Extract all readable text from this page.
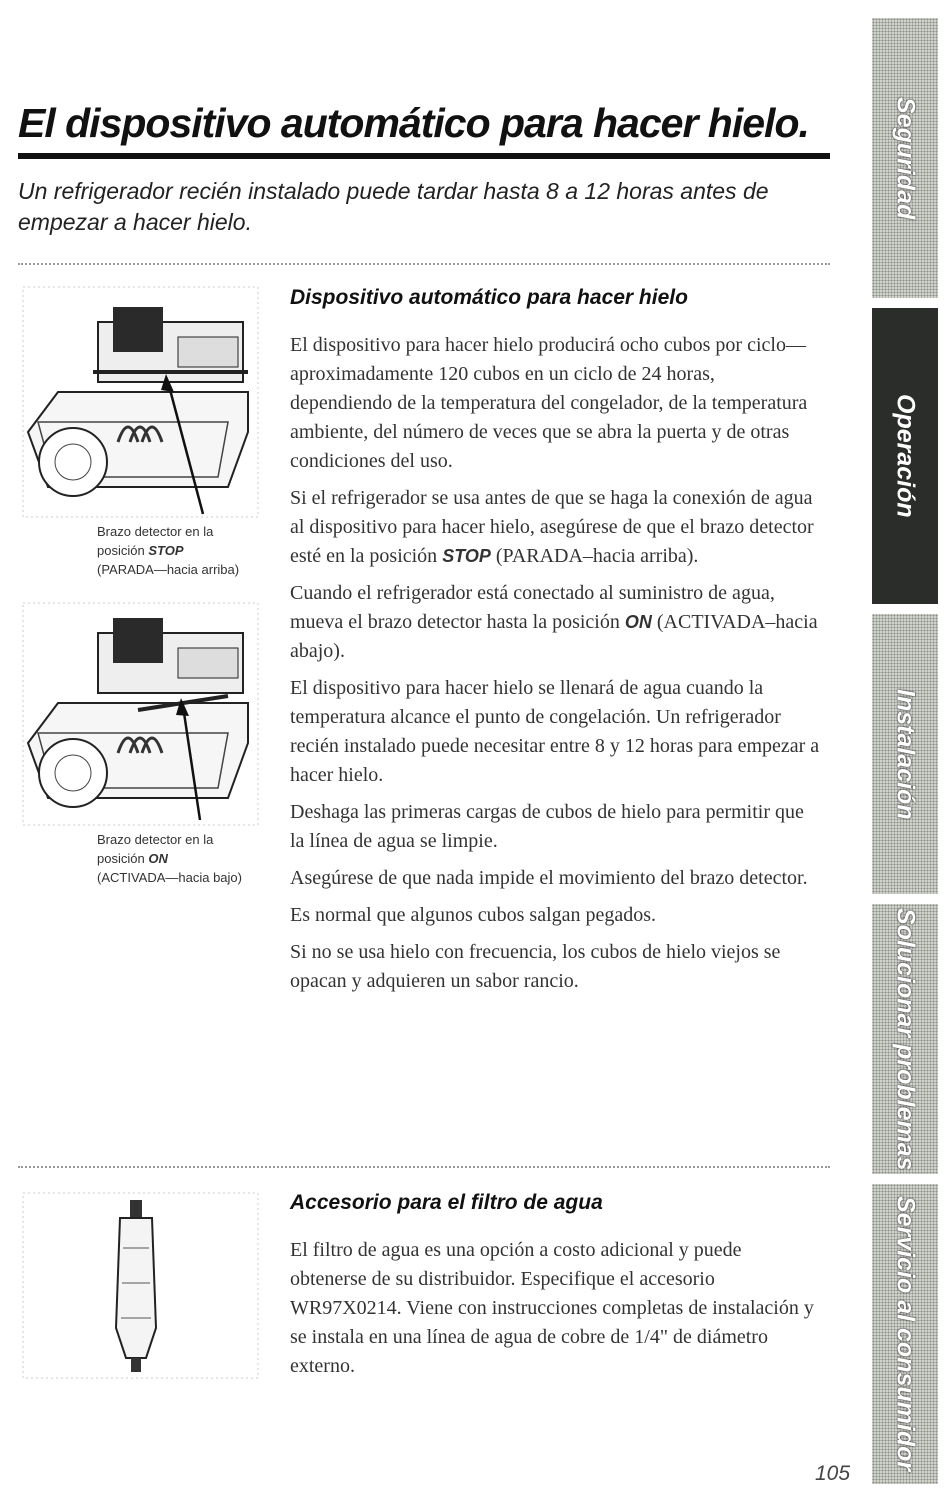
El dispositivo automático para hacer hielo.
Un refrigerador recién instalado puede tardar hasta 8 a 12 horas antes de empezar a hacer hielo.
Brazo detector en la
posición STOP
(PARADA—hacia arriba)
Brazo detector en la
posición ON
(ACTIVADA—hacia bajo)
Dispositivo automático para hacer hielo

El dispositivo para hacer hielo producirá ocho cubos por ciclo—aproximadamente 120 cubos en un ciclo de 24 horas, dependiendo de la temperatura del congelador, de la temperatura ambiente, del número de veces que se abra la puerta y de otras condiciones del uso.

Si el refrigerador se usa antes de que se haga la conexión de agua al dispositivo para hacer hielo, asegúrese de que el brazo detector esté en la posición STOP (PARADA–hacia arriba).

Cuando el refrigerador está conectado al suministro de agua, mueva el brazo detector hasta la posición ON (ACTIVADA–hacia abajo).

El dispositivo para hacer hielo se llenará de agua cuando la temperatura alcance el punto de congelación. Un refrigerador recién instalado puede necesitar entre 8 y 12 horas para empezar a hacer hielo.

Deshaga las primeras cargas de cubos de hielo para permitir que la línea de agua se limpie.

Asegúrese de que nada impide el movimiento del brazo detector.

Es normal que algunos cubos salgan pegados.

Si no se usa hielo con frecuencia, los cubos de hielo viejos se opacan y adquieren un sabor rancio.

Accesorio para el filtro de agua

El filtro de agua es una opción a costo adicional y puede obtenerse de su distribuidor. Especifique el accesorio WR97X0214. Viene con instrucciones completas de instalación y se instala en una línea de agua de cobre de 1/4" de diámetro externo.

105
Seguridad
Operación
Instalación
Solucionar problemas
Servicio al consumidor
